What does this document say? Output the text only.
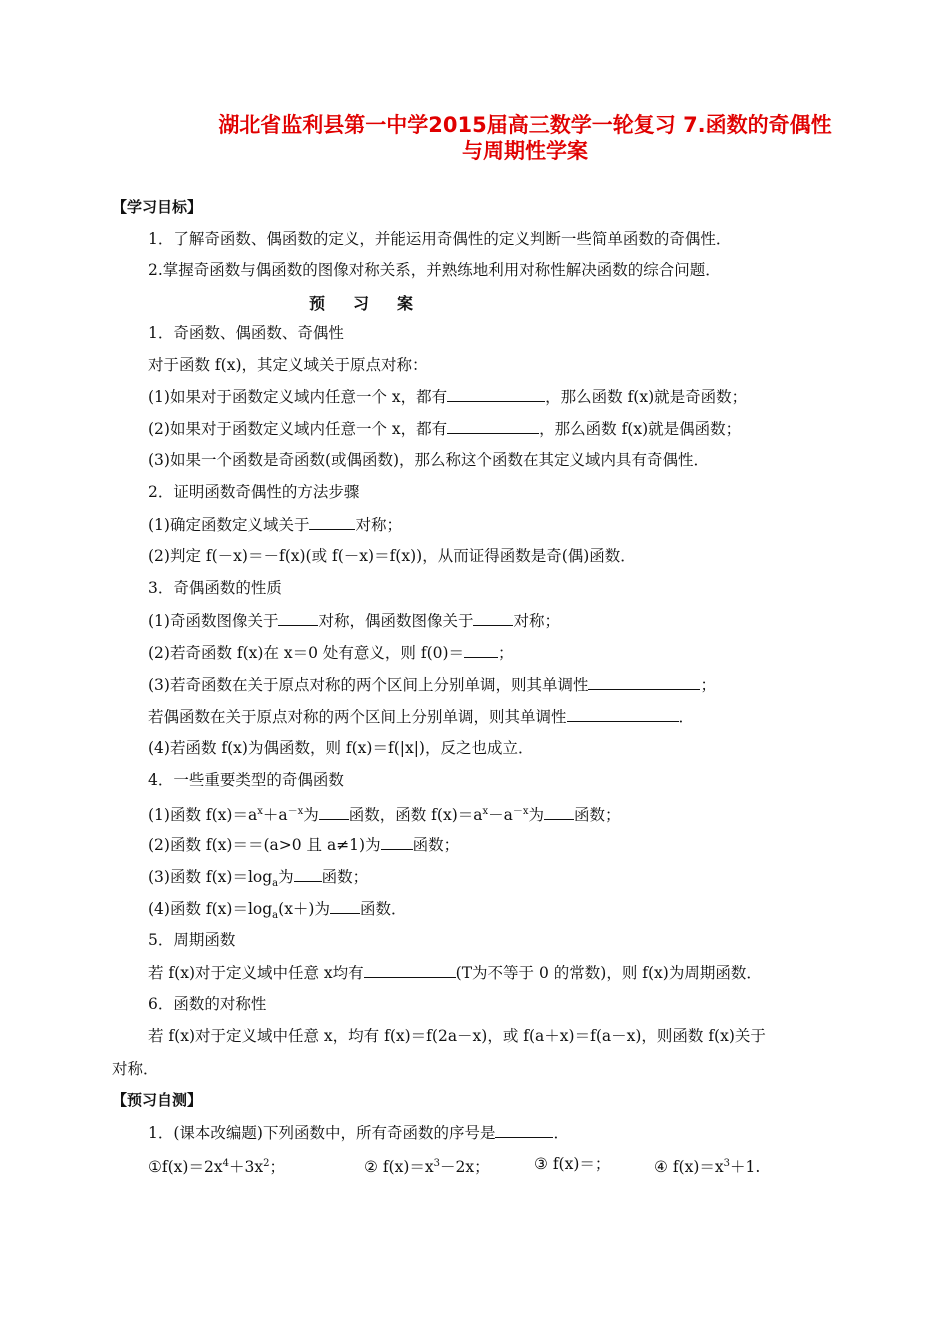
湖北省监利县第一中学2015届高三数学一轮复习 7.函数的奇偶性
与周期性学案
【学习目标】
1．了解奇函数、偶函数的定义，并能运用奇偶性的定义判断一些简单函数的奇偶性．
2.掌握奇函数与偶函数的图像对称关系，并熟练地利用对称性解决函数的综合问题．
预习案
1．奇函数、偶函数、奇偶性
对于函数 f(x)，其定义域关于原点对称：
(1)如果对于函数定义域内任意一个 x，都有	，那么函数 f(x)就是奇函数；
(2)如果对于函数定义域内任意一个 x，都有	，那么函数 f(x)就是偶函数；
(3)如果一个函数是奇函数(或偶函数)，那么称这个函数在其定义域内具有奇偶性．
2．证明函数奇偶性的方法步骤
(1)确定函数定义域关于	对称；
(2)判定 f(－x)＝－f(x)(或 f(－x)＝f(x))，从而证得函数是奇(偶)函数．
3．奇偶函数的性质
(1)奇函数图像关于	对称，偶函数图像关于	对称；
(2)若奇函数 f(x)在 x＝0 处有意义，则 f(0)＝ ；
(3)若奇函数在关于原点对称的两个区间上分别单调，则其单调性	；
若偶函数在关于原点对称的两个区间上分别单调，则其单调性	．
(4)若函数 f(x)为偶函数，则 f(x)＝f(|x|)，反之也成立．
4．一些重要类型的奇偶函数
(1)函数 $f(x)=a^x+a^{-x}$为 函数，函数 $f(x)=a^x-a^{-x}$为 函数；
(2)函数 f(x)＝＝(a>0 且 a≠1)为 函数；
(3)函数 $f(x)=\log_a$为 函数；
(4)函数 $f(x)=\log_a(x+)$为 函数．
5．周期函数
若 f(x)对于定义域中任意 x均有	(T为不等于 0 的常数)，则 f(x)为周期函数．
6．函数的对称性
若 f(x)对于定义域中任意 x，均有 f(x)＝f(2a－x)，或 f(a＋x)＝f(a－x)，则函数 f(x)关于
对称．
【预习自测】
1．(课本改编题)下列函数中，所有奇函数的序号是	．
$①f(x)=2x^4+3x^2$；	② $f(x)=x^3-2x$；	③ f(x)＝；	④ $f(x)=x^3+1$.
